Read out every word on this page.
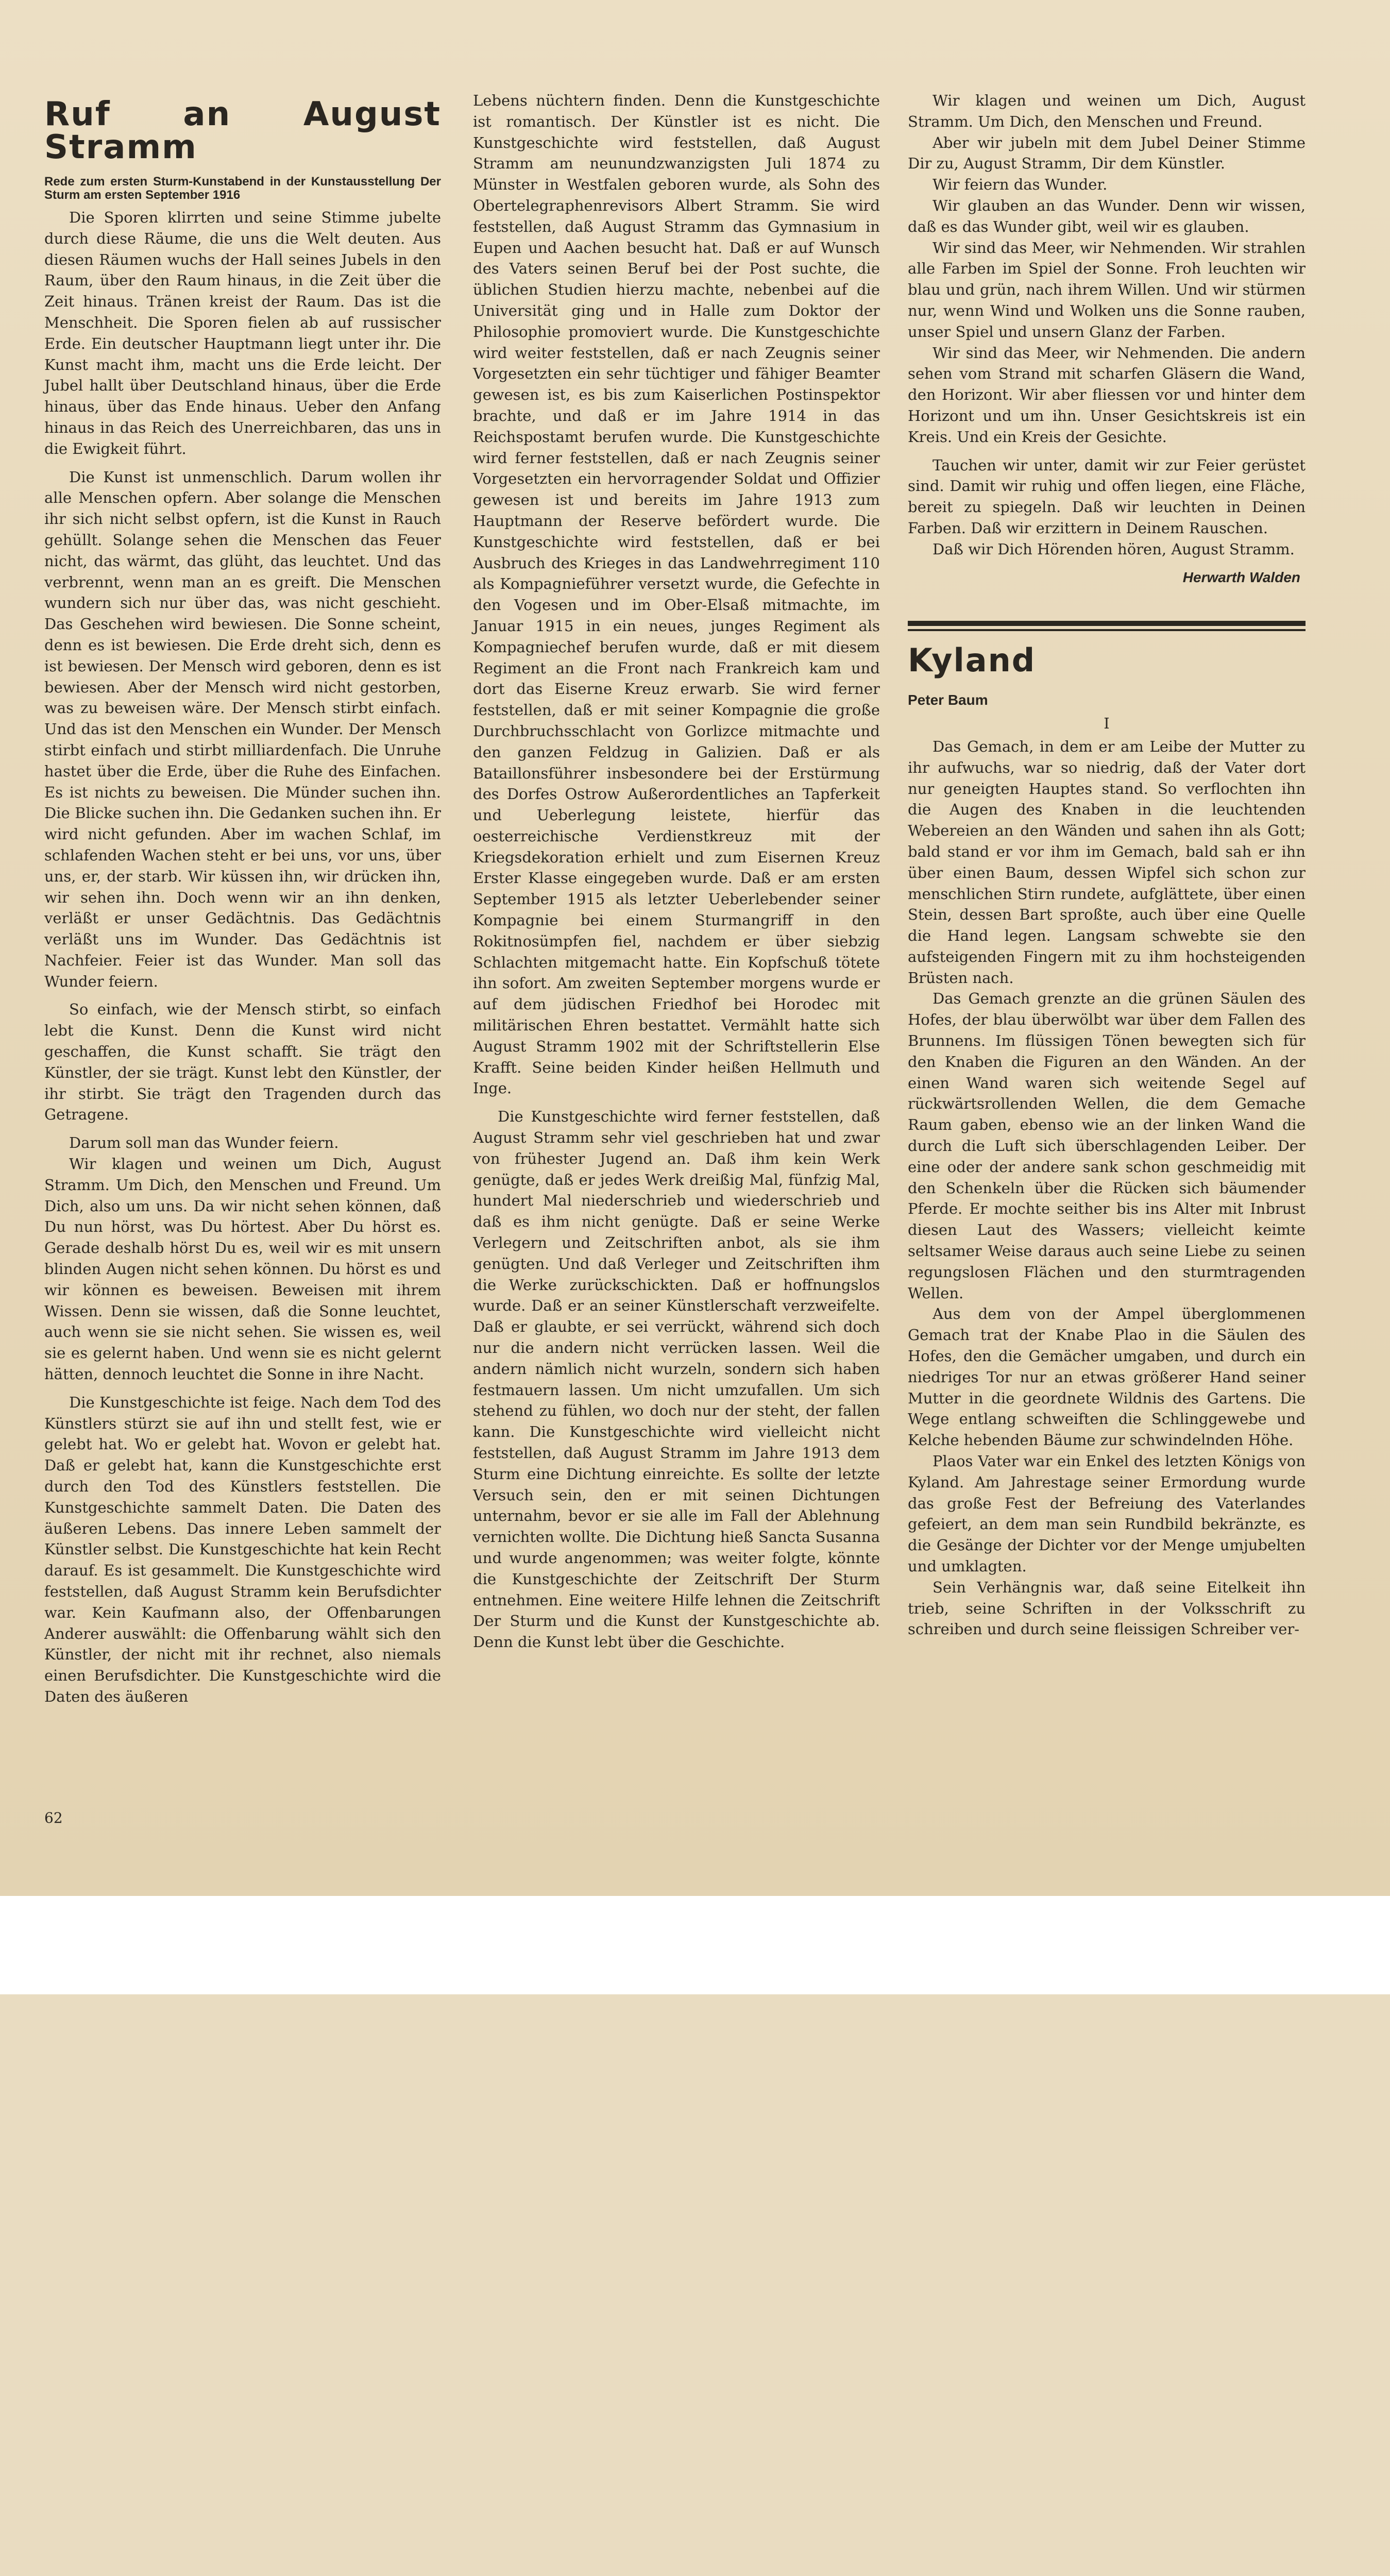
Ruf an August Stramm
Rede zum ersten Sturm-Kunstabend in der Kunstausstellung Der Sturm am ersten September 1916

Die Sporen klirrten und seine Stimme jubelte durch diese Räume, die uns die Welt deuten. Aus diesen Räumen wuchs der Hall seines Jubels in den Raum, über den Raum hinaus, in die Zeit über die Zeit hinaus. Tränen kreist der Raum. Das ist die Menschheit. Die Sporen fielen ab auf russischer Erde. Ein deutscher Hauptmann liegt unter ihr. Die Kunst macht ihm, macht uns die Erde leicht. Der Jubel hallt über Deutschland hinaus, über die Erde hinaus, über das Ende hinaus. Ueber den Anfang hinaus in das Reich des Unerreichbaren, das uns in die Ewigkeit führt.

Die Kunst ist unmenschlich. Darum wollen ihr alle Menschen opfern. Aber solange die Menschen ihr sich nicht selbst opfern, ist die Kunst in Rauch gehüllt. Solange sehen die Menschen das Feuer nicht, das wärmt, das glüht, das leuchtet. Und das verbrennt, wenn man an es greift. Die Menschen wundern sich nur über das, was nicht geschieht. Das Geschehen wird bewiesen. Die Sonne scheint, denn es ist bewiesen. Die Erde dreht sich, denn es ist bewiesen. Der Mensch wird geboren, denn es ist bewiesen. Aber der Mensch wird nicht gestorben, was zu beweisen wäre. Der Mensch stirbt einfach. Und das ist den Menschen ein Wunder. Der Mensch stirbt einfach und stirbt milliardenfach. Die Unruhe hastet über die Erde, über die Ruhe des Einfachen. Es ist nichts zu beweisen. Die Münder suchen ihn. Die Blicke suchen ihn. Die Gedanken suchen ihn. Er wird nicht gefunden. Aber im wachen Schlaf, im schlafenden Wachen steht er bei uns, vor uns, über uns, er, der starb. Wir küssen ihn, wir drücken ihn, wir sehen ihn. Doch wenn wir an ihn denken, verläßt er unser Gedächtnis. Das Gedächtnis verläßt uns im Wunder. Das Gedächtnis ist Nachfeier. Feier ist das Wunder. Man soll das Wunder feiern.

So einfach, wie der Mensch stirbt, so einfach lebt die Kunst. Denn die Kunst wird nicht geschaffen, die Kunst schafft. Sie trägt den Künstler, der sie trägt. Kunst lebt den Künstler, der ihr stirbt. Sie trägt den Tragenden durch das Getragene.

Darum soll man das Wunder feiern.

Wir klagen und weinen um Dich, August Stramm. Um Dich, den Menschen und Freund. Um Dich, also um uns. Da wir nicht sehen können, daß Du nun hörst, was Du hörtest. Aber Du hörst es. Gerade deshalb hörst Du es, weil wir es mit unsern blinden Augen nicht sehen können. Du hörst es und wir können es beweisen. Beweisen mit ihrem Wissen. Denn sie wissen, daß die Sonne leuchtet, auch wenn sie sie nicht sehen. Sie wissen es, weil sie es gelernt haben. Und wenn sie es nicht gelernt hätten, dennoch leuchtet die Sonne in ihre Nacht.

Die Kunstgeschichte ist feige. Nach dem Tod des Künstlers stürzt sie auf ihn und stellt fest, wie er gelebt hat. Wo er gelebt hat. Wovon er gelebt hat. Daß er gelebt hat, kann die Kunstgeschichte erst durch den Tod des Künstlers feststellen. Die Kunstgeschichte sammelt Daten. Die Daten des äußeren Lebens. Das innere Leben sammelt der Künstler selbst. Die Kunstgeschichte hat kein Recht darauf. Es ist gesammelt. Die Kunstgeschichte wird feststellen, daß August Stramm kein Berufsdichter war. Kein Kaufmann also, der Offenbarungen Anderer auswählt: die Offenbarung wählt sich den Künstler, der nicht mit ihr rechnet, also niemals einen Berufsdichter. Die Kunstgeschichte wird die Daten des äußeren

Lebens nüchtern finden. Denn die Kunstgeschichte ist romantisch. Der Künstler ist es nicht. Die Kunstgeschichte wird feststellen, daß August Stramm am neunundzwanzigsten Juli 1874 zu Münster in Westfalen geboren wurde, als Sohn des Obertelegraphenrevisors Albert Stramm. Sie wird feststellen, daß August Stramm das Gymnasium in Eupen und Aachen besucht hat. Daß er auf Wunsch des Vaters seinen Beruf bei der Post suchte, die üblichen Studien hierzu machte, nebenbei auf die Universität ging und in Halle zum Doktor der Philosophie promoviert wurde. Die Kunstgeschichte wird weiter feststellen, daß er nach Zeugnis seiner Vorgesetzten ein sehr tüchtiger und fähiger Beamter gewesen ist, es bis zum Kaiserlichen Postinspektor brachte, und daß er im Jahre 1914 in das Reichspostamt berufen wurde. Die Kunstgeschichte wird ferner feststellen, daß er nach Zeugnis seiner Vorgesetzten ein hervorragender Soldat und Offizier gewesen ist und bereits im Jahre 1913 zum Hauptmann der Reserve befördert wurde. Die Kunstgeschichte wird feststellen, daß er bei Ausbruch des Krieges in das Landwehrregiment 110 als Kompagnieführer versetzt wurde, die Gefechte in den Vogesen und im Ober-Elsaß mitmachte, im Januar 1915 in ein neues, junges Regiment als Kompagniechef berufen wurde, daß er mit diesem Regiment an die Front nach Frankreich kam und dort das Eiserne Kreuz erwarb. Sie wird ferner feststellen, daß er mit seiner Kompagnie die große Durchbruchsschlacht von Gorlizce mitmachte und den ganzen Feldzug in Galizien. Daß er als Bataillonsführer insbesondere bei der Erstürmung des Dorfes Ostrow Außerordentliches an Tapferkeit und Ueberlegung leistete, hierfür das oesterreichische Verdienstkreuz mit der Kriegsdekoration erhielt und zum Eisernen Kreuz Erster Klasse eingegeben wurde. Daß er am ersten September 1915 als letzter Ueberlebender seiner Kompagnie bei einem Sturmangriff in den Rokitnosümpfen fiel, nachdem er über siebzig Schlachten mitgemacht hatte. Ein Kopfschuß tötete ihn sofort. Am zweiten September morgens wurde er auf dem jüdischen Friedhof bei Horodec mit militärischen Ehren bestattet. Vermählt hatte sich August Stramm 1902 mit der Schriftstellerin Else Krafft. Seine beiden Kinder heißen Hellmuth und Inge.

Die Kunstgeschichte wird ferner feststellen, daß August Stramm sehr viel geschrieben hat und zwar von frühester Jugend an. Daß ihm kein Werk genügte, daß er jedes Werk dreißig Mal, fünfzig Mal, hundert Mal niederschrieb und wiederschrieb und daß es ihm nicht genügte. Daß er seine Werke Verlegern und Zeitschriften anbot, als sie ihm genügten. Und daß Verleger und Zeitschriften ihm die Werke zurückschickten. Daß er hoffnungslos wurde. Daß er an seiner Künstlerschaft verzweifelte. Daß er glaubte, er sei verrückt, während sich doch nur die andern nicht verrücken lassen. Weil die andern nämlich nicht wurzeln, sondern sich haben festmauern lassen. Um nicht umzufallen. Um sich stehend zu fühlen, wo doch nur der steht, der fallen kann. Die Kunstgeschichte wird vielleicht nicht feststellen, daß August Stramm im Jahre 1913 dem Sturm eine Dichtung einreichte. Es sollte der letzte Versuch sein, den er mit seinen Dichtungen unternahm, bevor er sie alle im Fall der Ablehnung vernichten wollte. Die Dichtung hieß Sancta Susanna und wurde angenommen; was weiter folgte, könnte die Kunstgeschichte der Zeitschrift Der Sturm entnehmen. Eine weitere Hilfe lehnen die Zeitschrift Der Sturm und die Kunst der Kunstgeschichte ab. Denn die Kunst lebt über die Geschichte.

Wir klagen und weinen um Dich, August Stramm. Um Dich, den Menschen und Freund.

Aber wir jubeln mit dem Jubel Deiner Stimme Dir zu, August Stramm, Dir dem Künstler.

Wir feiern das Wunder.

Wir glauben an das Wunder. Denn wir wissen, daß es das Wunder gibt, weil wir es glauben.

Wir sind das Meer, wir Nehmenden. Wir strahlen alle Farben im Spiel der Sonne. Froh leuchten wir blau und grün, nach ihrem Willen. Und wir stürmen nur, wenn Wind und Wolken uns die Sonne rauben, unser Spiel und unsern Glanz der Farben.

Wir sind das Meer, wir Nehmenden. Die andern sehen vom Strand mit scharfen Gläsern die Wand, den Horizont. Wir aber fliessen vor und hinter dem Horizont und um ihn. Unser Gesichtskreis ist ein Kreis. Und ein Kreis der Gesichte.

Tauchen wir unter, damit wir zur Feier gerüstet sind. Damit wir ruhig und offen liegen, eine Fläche, bereit zu spiegeln. Daß wir leuchten in Deinen Farben. Daß wir erzittern in Deinem Rauschen.

Daß wir Dich Hörenden hören, August Stramm.

Herwarth Walden
Kyland
Peter Baum
I

Das Gemach, in dem er am Leibe der Mutter zu ihr aufwuchs, war so niedrig, daß der Vater dort nur geneigten Hauptes stand. So verflochten ihn die Augen des Knaben in die leuchtenden Webereien an den Wänden und sahen ihn als Gott; bald stand er vor ihm im Gemach, bald sah er ihn über einen Baum, dessen Wipfel sich schon zur menschlichen Stirn rundete, aufglättete, über einen Stein, dessen Bart sproßte, auch über eine Quelle die Hand legen. Langsam schwebte sie den aufsteigenden Fingern mit zu ihm hochsteigenden Brüsten nach.

Das Gemach grenzte an die grünen Säulen des Hofes, der blau überwölbt war über dem Fallen des Brunnens. Im flüssigen Tönen bewegten sich für den Knaben die Figuren an den Wänden. An der einen Wand waren sich weitende Segel auf rückwärtsrollenden Wellen, die dem Gemache Raum gaben, ebenso wie an der linken Wand die durch die Luft sich überschlagenden Leiber. Der eine oder der andere sank schon geschmeidig mit den Schenkeln über die Rücken sich bäumender Pferde. Er mochte seither bis ins Alter mit Inbrust diesen Laut des Wassers; vielleicht keimte seltsamer Weise daraus auch seine Liebe zu seinen regungslosen Flächen und den sturmtragenden Wellen.

Aus dem von der Ampel überglommenen Gemach trat der Knabe Plao in die Säulen des Hofes, den die Gemächer umgaben, und durch ein niedriges Tor nur an etwas größerer Hand seiner Mutter in die geordnete Wildnis des Gartens. Die Wege entlang schweiften die Schlinggewebe und Kelche hebenden Bäume zur schwindelnden Höhe.

Plaos Vater war ein Enkel des letzten Königs von Kyland. Am Jahrestage seiner Ermordung wurde das große Fest der Befreiung des Vaterlandes gefeiert, an dem man sein Rundbild bekränzte, es die Gesänge der Dichter vor der Menge umjubelten und umklagten.

Sein Verhängnis war, daß seine Eitelkeit ihn trieb, seine Schriften in der Volksschrift zu schreiben und durch seine fleissigen Schreiber ver-

62
